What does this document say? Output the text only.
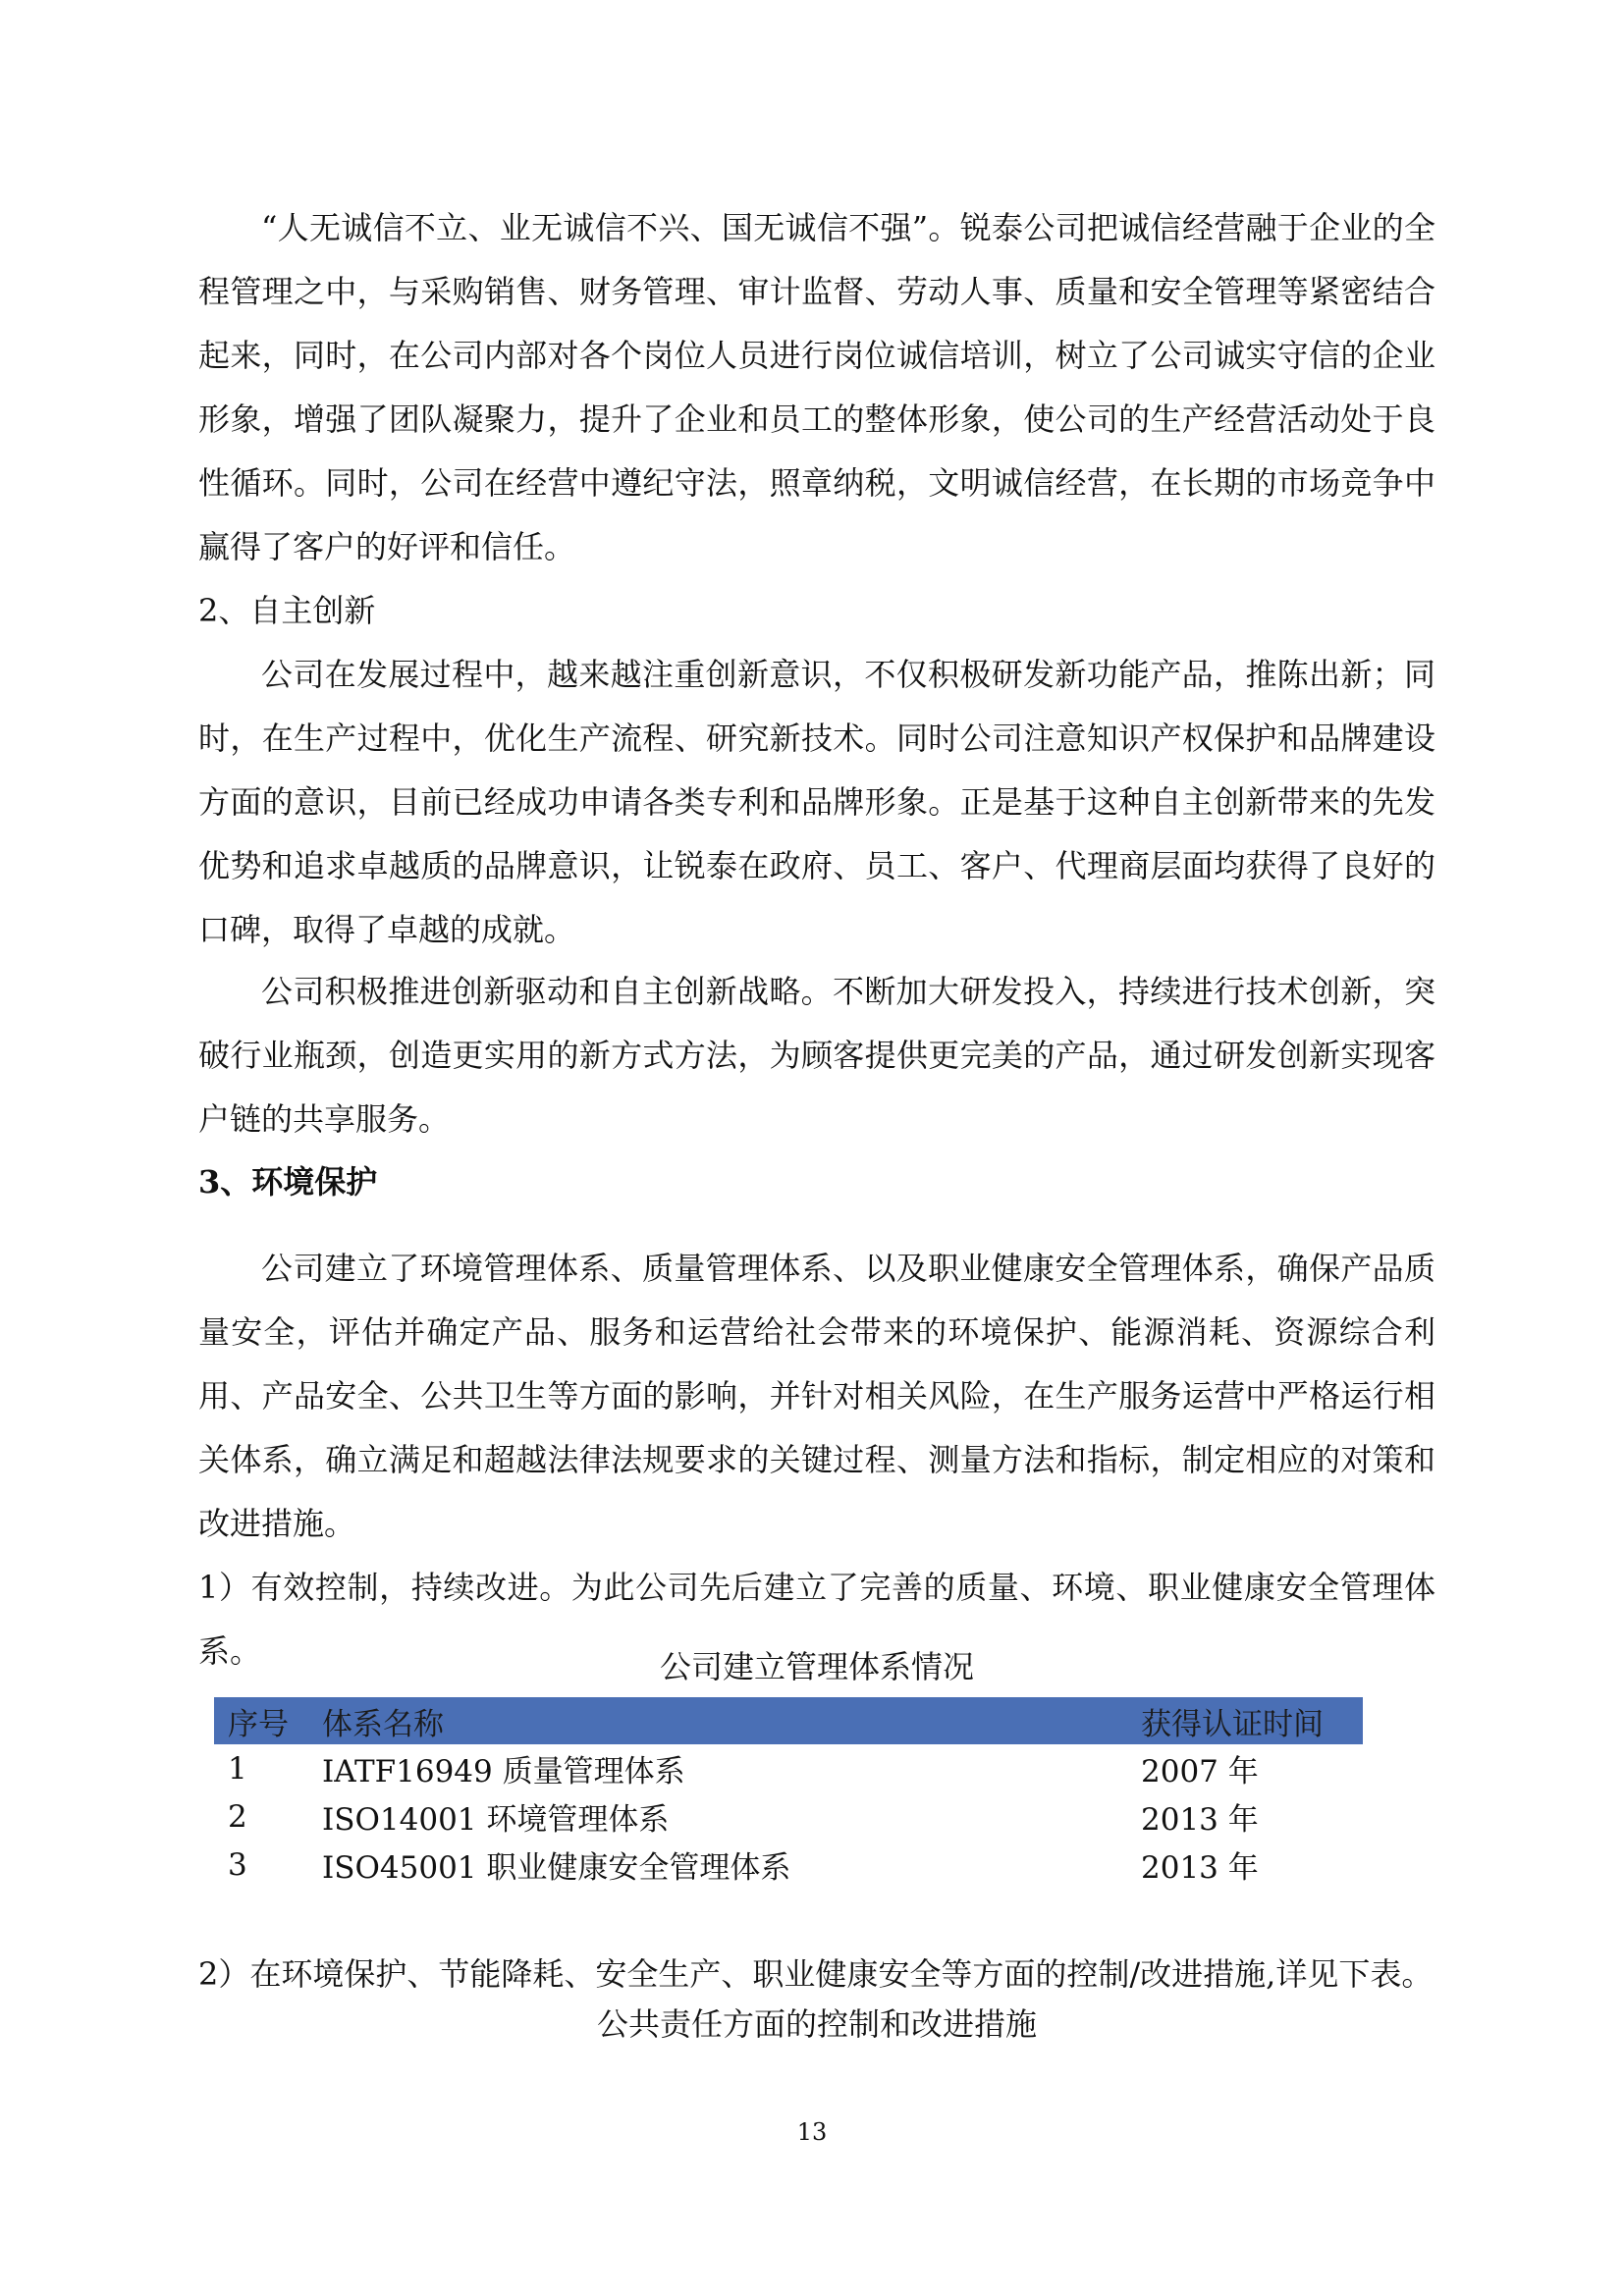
“人无诚信不立、业无诚信不兴、国无诚信不强”。锐泰公司把诚信经营融于企业的全程管理之中，与采购销售、财务管理、审计监督、劳动人事、质量和安全管理等紧密结合起来，同时，在公司内部对各个岗位人员进行岗位诚信培训，树立了公司诚实守信的企业形象，增强了团队凝聚力，提升了企业和员工的整体形象，使公司的生产经营活动处于良性循环。同时，公司在经营中遵纪守法，照章纳税，文明诚信经营，在长期的市场竞争中赢得了客户的好评和信任。

2、自主创新

公司在发展过程中，越来越注重创新意识，不仅积极研发新功能产品，推陈出新；同时，在生产过程中，优化生产流程、研究新技术。同时公司注意知识产权保护和品牌建设方面的意识，目前已经成功申请各类专利和品牌形象。正是基于这种自主创新带来的先发优势和追求卓越质的品牌意识，让锐泰在政府、员工、客户、代理商层面均获得了良好的口碑，取得了卓越的成就。

公司积极推进创新驱动和自主创新战略。不断加大研发投入，持续进行技术创新，突破行业瓶颈，创造更实用的新方式方法，为顾客提供更完美的产品，通过研发创新实现客户链的共享服务。

3、环境保护

公司建立了环境管理体系、质量管理体系、以及职业健康安全管理体系，确保产品质量安全，评估并确定产品、服务和运营给社会带来的环境保护、能源消耗、资源综合利用、产品安全、公共卫生等方面的影响，并针对相关风险，在生产服务运营中严格运行相关体系，确立满足和超越法律法规要求的关键过程、测量方法和指标，制定相应的对策和改进措施。

1）有效控制，持续改进。为此公司先后建立了完善的质量、环境、职业健康安全管理体系。	公司建立管理体系情况

序号	体系名称	获得认证时间
1	IATF16949 质量管理体系	2007 年
2	ISO14001 环境管理体系	2013 年
3	ISO45001 职业健康安全管理体系	2013 年

2）在环境保护、节能降耗、安全生产、职业健康安全等方面的控制/改进措施,详见下表。

公共责任方面的控制和改进措施

13
